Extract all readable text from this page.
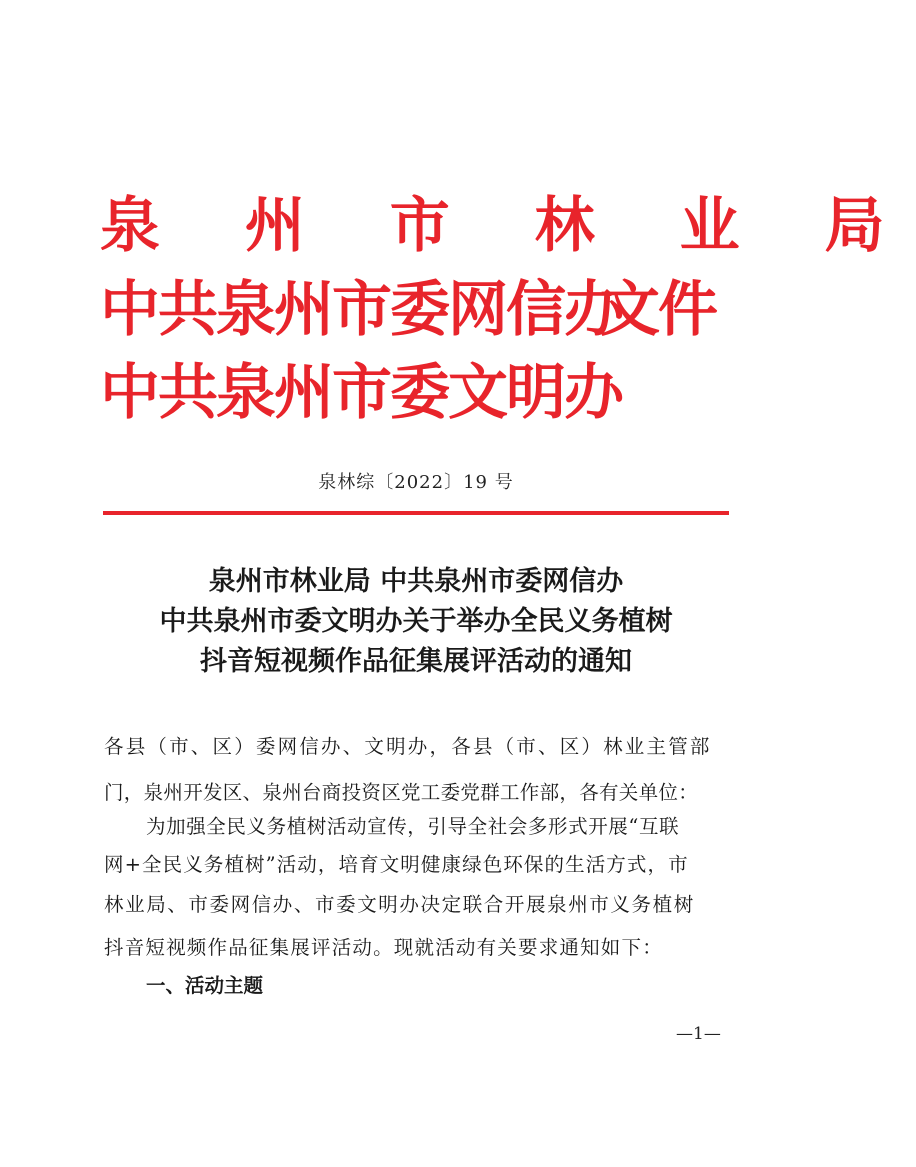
泉 州 市 林 业 局
中共泉州市委网信办
文件
中共泉州市委文明办
泉林综〔2022〕19 号
泉州市林业局 中共泉州市委网信办
中共泉州市委文明办关于举办全民义务植树
抖音短视频作品征集展评活动的通知
各县（市、区）委网信办、文明办，各县（市、区）林业主管部
门，泉州开发区、泉州台商投资区党工委党群工作部，各有关单位：
为加强全民义务植树活动宣传，引导全社会多形式开展“互联
网+全民义务植树”活动，培育文明健康绿色环保的生活方式，市
林业局、市委网信办、市委文明办决定联合开展泉州市义务植树
抖音短视频作品征集展评活动。现就活动有关要求通知如下：
一、活动主题
—1—
